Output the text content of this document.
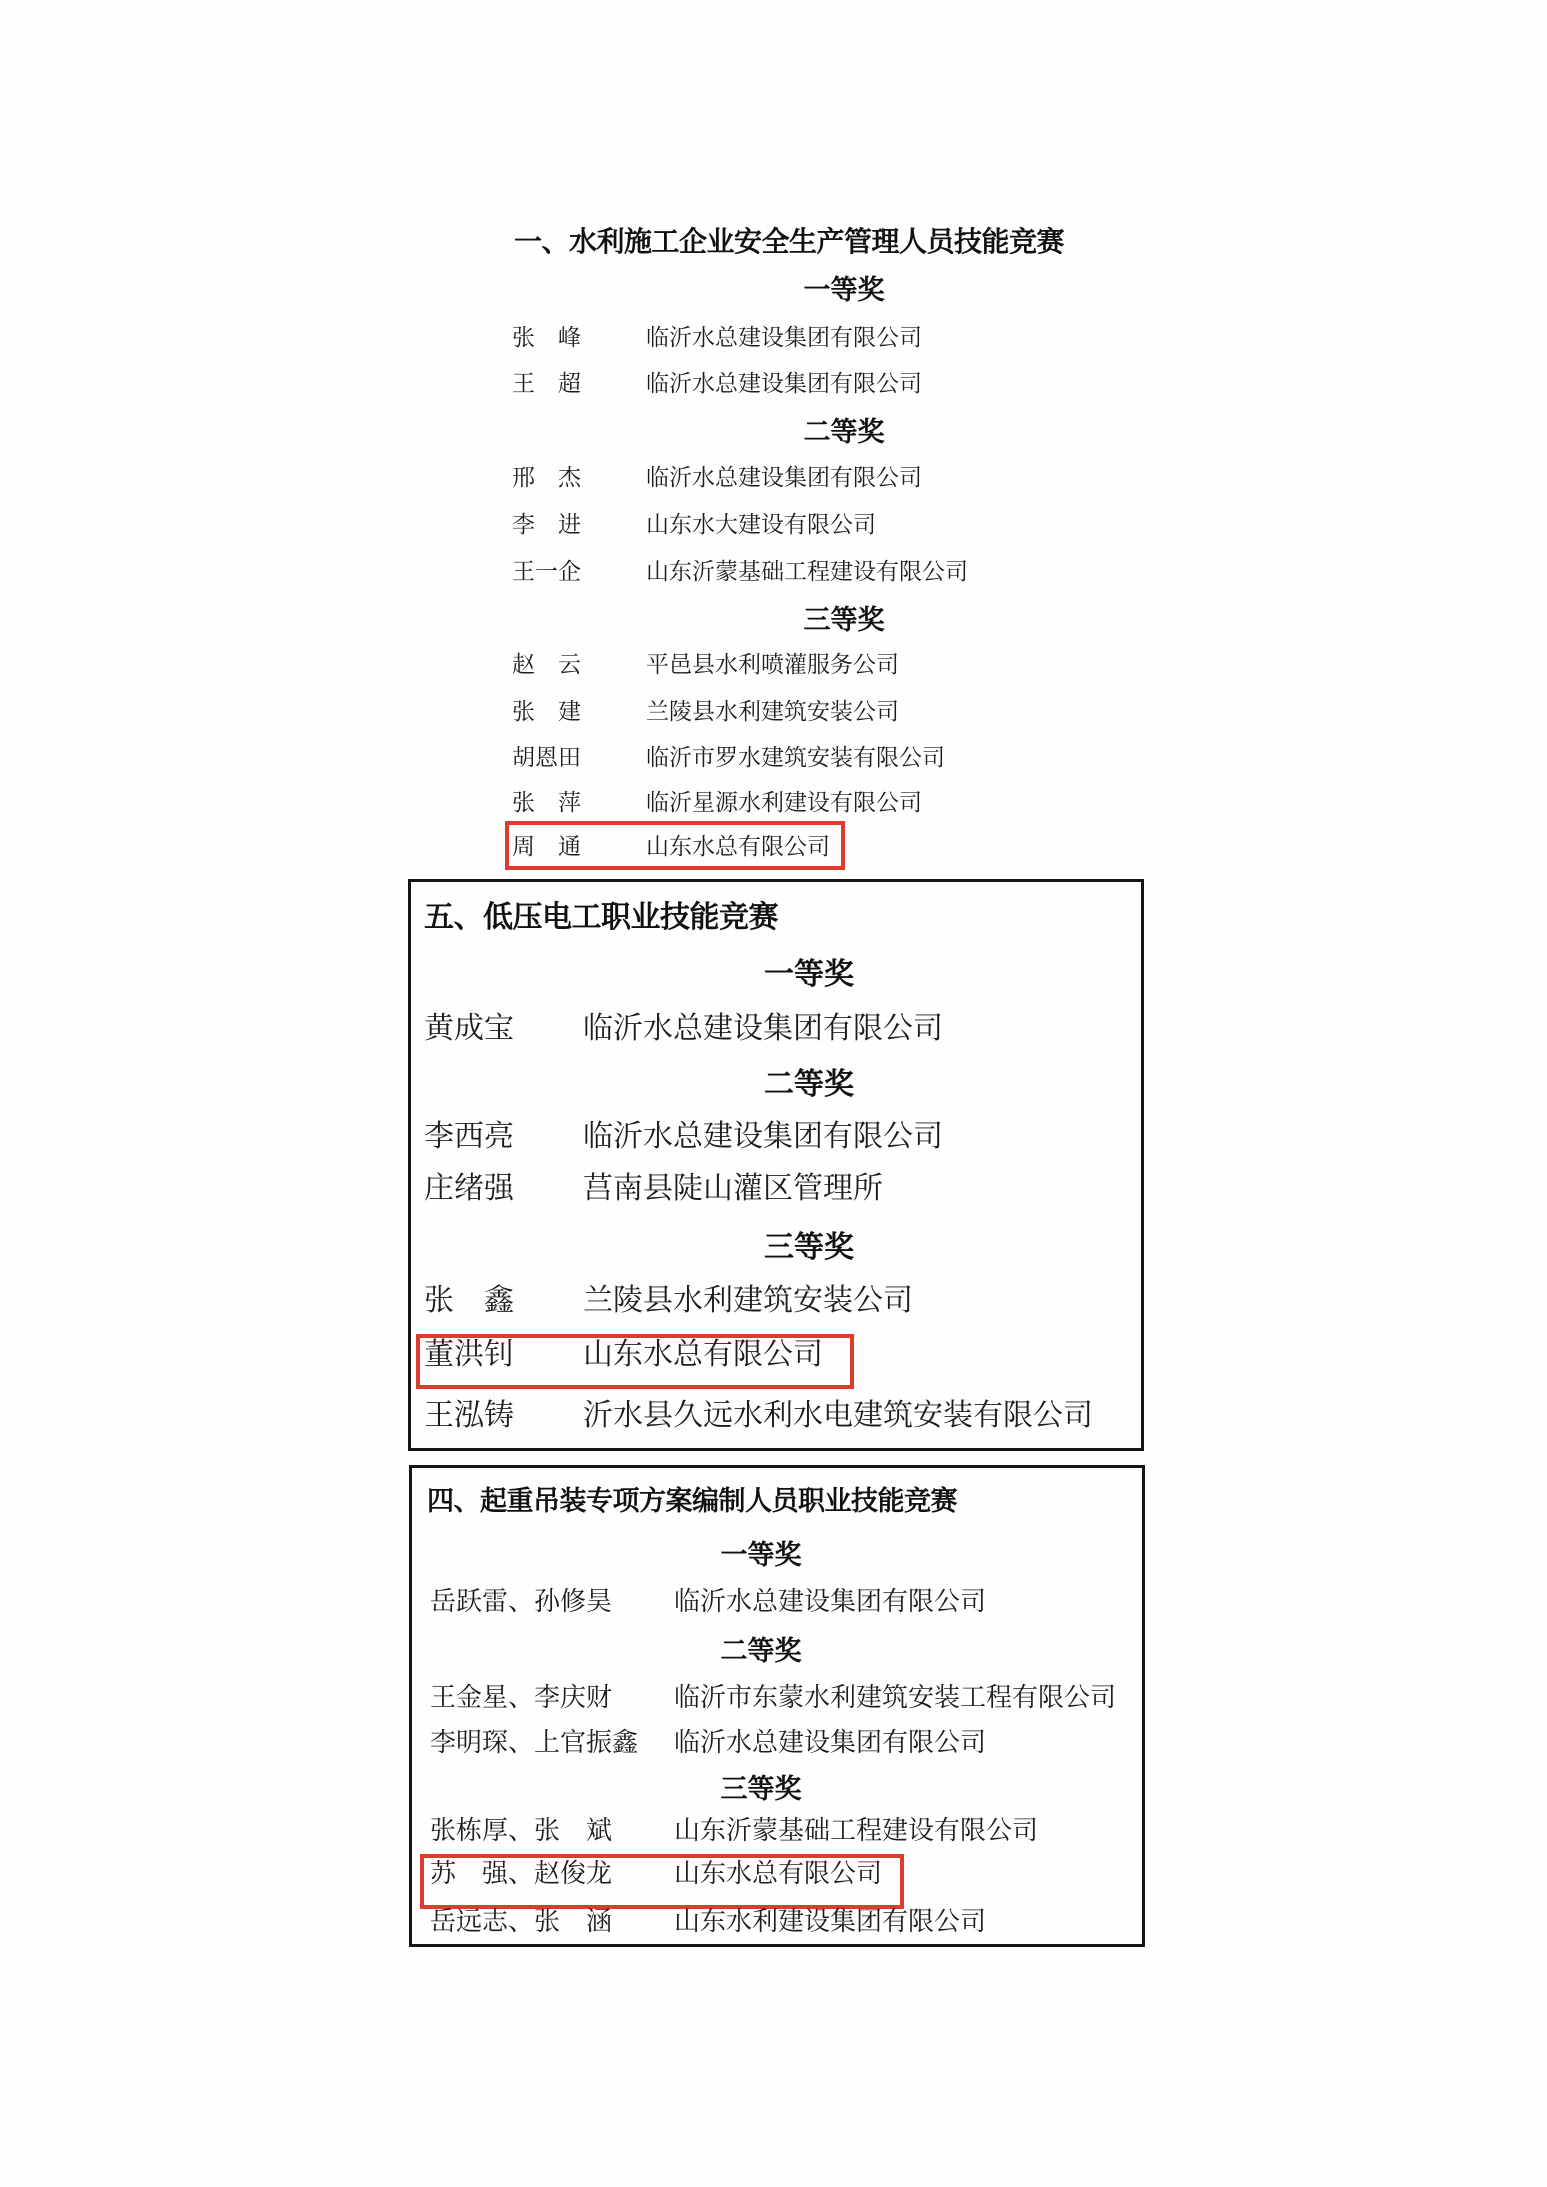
一、水利施工企业安全生产管理人员技能竞赛
一等奖
张　峰	临沂水总建设集团有限公司
王　超	临沂水总建设集团有限公司
二等奖
邢　杰	临沂水总建设集团有限公司
李　进	山东水大建设有限公司
王一企	山东沂蒙基础工程建设有限公司
三等奖
赵　云	平邑县水利喷灌服务公司
张　建	兰陵县水利建筑安装公司
胡恩田	临沂市罗水建筑安装有限公司
张　萍	临沂星源水利建设有限公司
周　通	山东水总有限公司
五、低压电工职业技能竞赛
一等奖
黄成宝 临沂水总建设集团有限公司
二等奖
李西亮 临沂水总建设集团有限公司
庄绪强 莒南县陡山灌区管理所
三等奖
张　鑫 兰陵县水利建筑安装公司
董洪钊 山东水总有限公司
王泓铸 沂水县久远水利水电建筑安装有限公司
四、起重吊装专项方案编制人员职业技能竞赛
一等奖
岳跃雷、孙修昊 临沂水总建设集团有限公司
二等奖
王金星、李庆财 临沂市东蒙水利建筑安装工程有限公司
李明琛、上官振鑫 临沂水总建设集团有限公司
三等奖
张栋厚、张　斌 山东沂蒙基础工程建设有限公司
苏　强、赵俊龙 山东水总有限公司
岳远志、张　涵 山东水利建设集团有限公司
